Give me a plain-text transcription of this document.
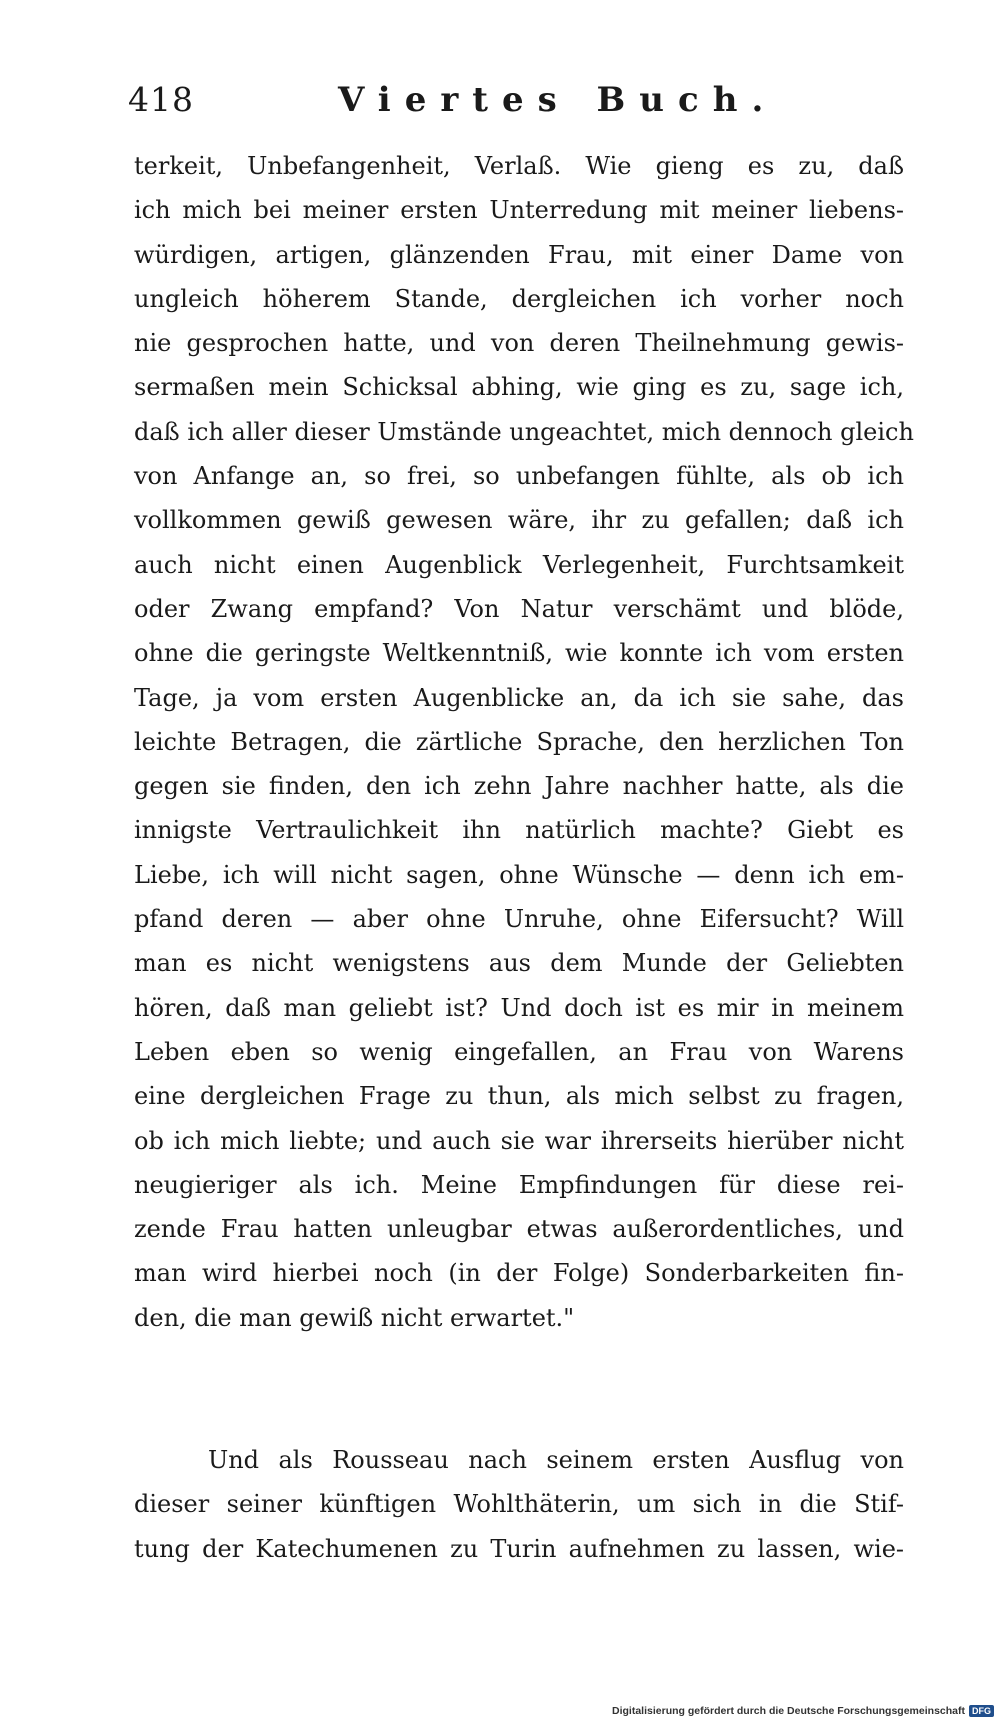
418	Viertes Buch.
terkeit, Unbefangenheit, Verlaß. Wie gieng es zu, daß
ich mich bei meiner ersten Unterredung mit meiner liebens-
würdigen, artigen, glänzenden Frau, mit einer Dame von
ungleich höherem Stande, dergleichen ich vorher noch
nie gesprochen hatte, und von deren Theilnehmung gewis-
sermaßen mein Schicksal abhing, wie ging es zu, sage ich,
daß ich aller dieser Umstände ungeachtet, mich dennoch gleich
von Anfange an, so frei, so unbefangen fühlte, als ob ich
vollkommen gewiß gewesen wäre, ihr zu gefallen; daß ich
auch nicht einen Augenblick Verlegenheit, Furchtsamkeit
oder Zwang empfand? Von Natur verschämt und blöde,
ohne die geringste Weltkenntniß, wie konnte ich vom ersten
Tage, ja vom ersten Augenblicke an, da ich sie sahe, das
leichte Betragen, die zärtliche Sprache, den herzlichen Ton
gegen sie finden, den ich zehn Jahre nachher hatte, als die
innigste Vertraulichkeit ihn natürlich machte? Giebt es
Liebe, ich will nicht sagen, ohne Wünsche — denn ich em-
pfand deren — aber ohne Unruhe, ohne Eifersucht? Will
man es nicht wenigstens aus dem Munde der Geliebten
hören, daß man geliebt ist? Und doch ist es mir in meinem
Leben eben so wenig eingefallen, an Frau von Warens
eine dergleichen Frage zu thun, als mich selbst zu fragen,
ob ich mich liebte; und auch sie war ihrerseits hierüber nicht
neugieriger als ich. Meine Empfindungen für diese rei-
zende Frau hatten unleugbar etwas außerordentliches, und
man wird hierbei noch (in der Folge) Sonderbarkeiten fin-
den, die man gewiß nicht erwartet."
Und als Rousseau nach seinem ersten Ausflug von
dieser seiner künftigen Wohlthäterin, um sich in die Stif-
tung der Katechumenen zu Turin aufnehmen zu lassen, wie-
Digitalisierung gefördert durch die Deutsche Forschungsgemeinschaft DFG
